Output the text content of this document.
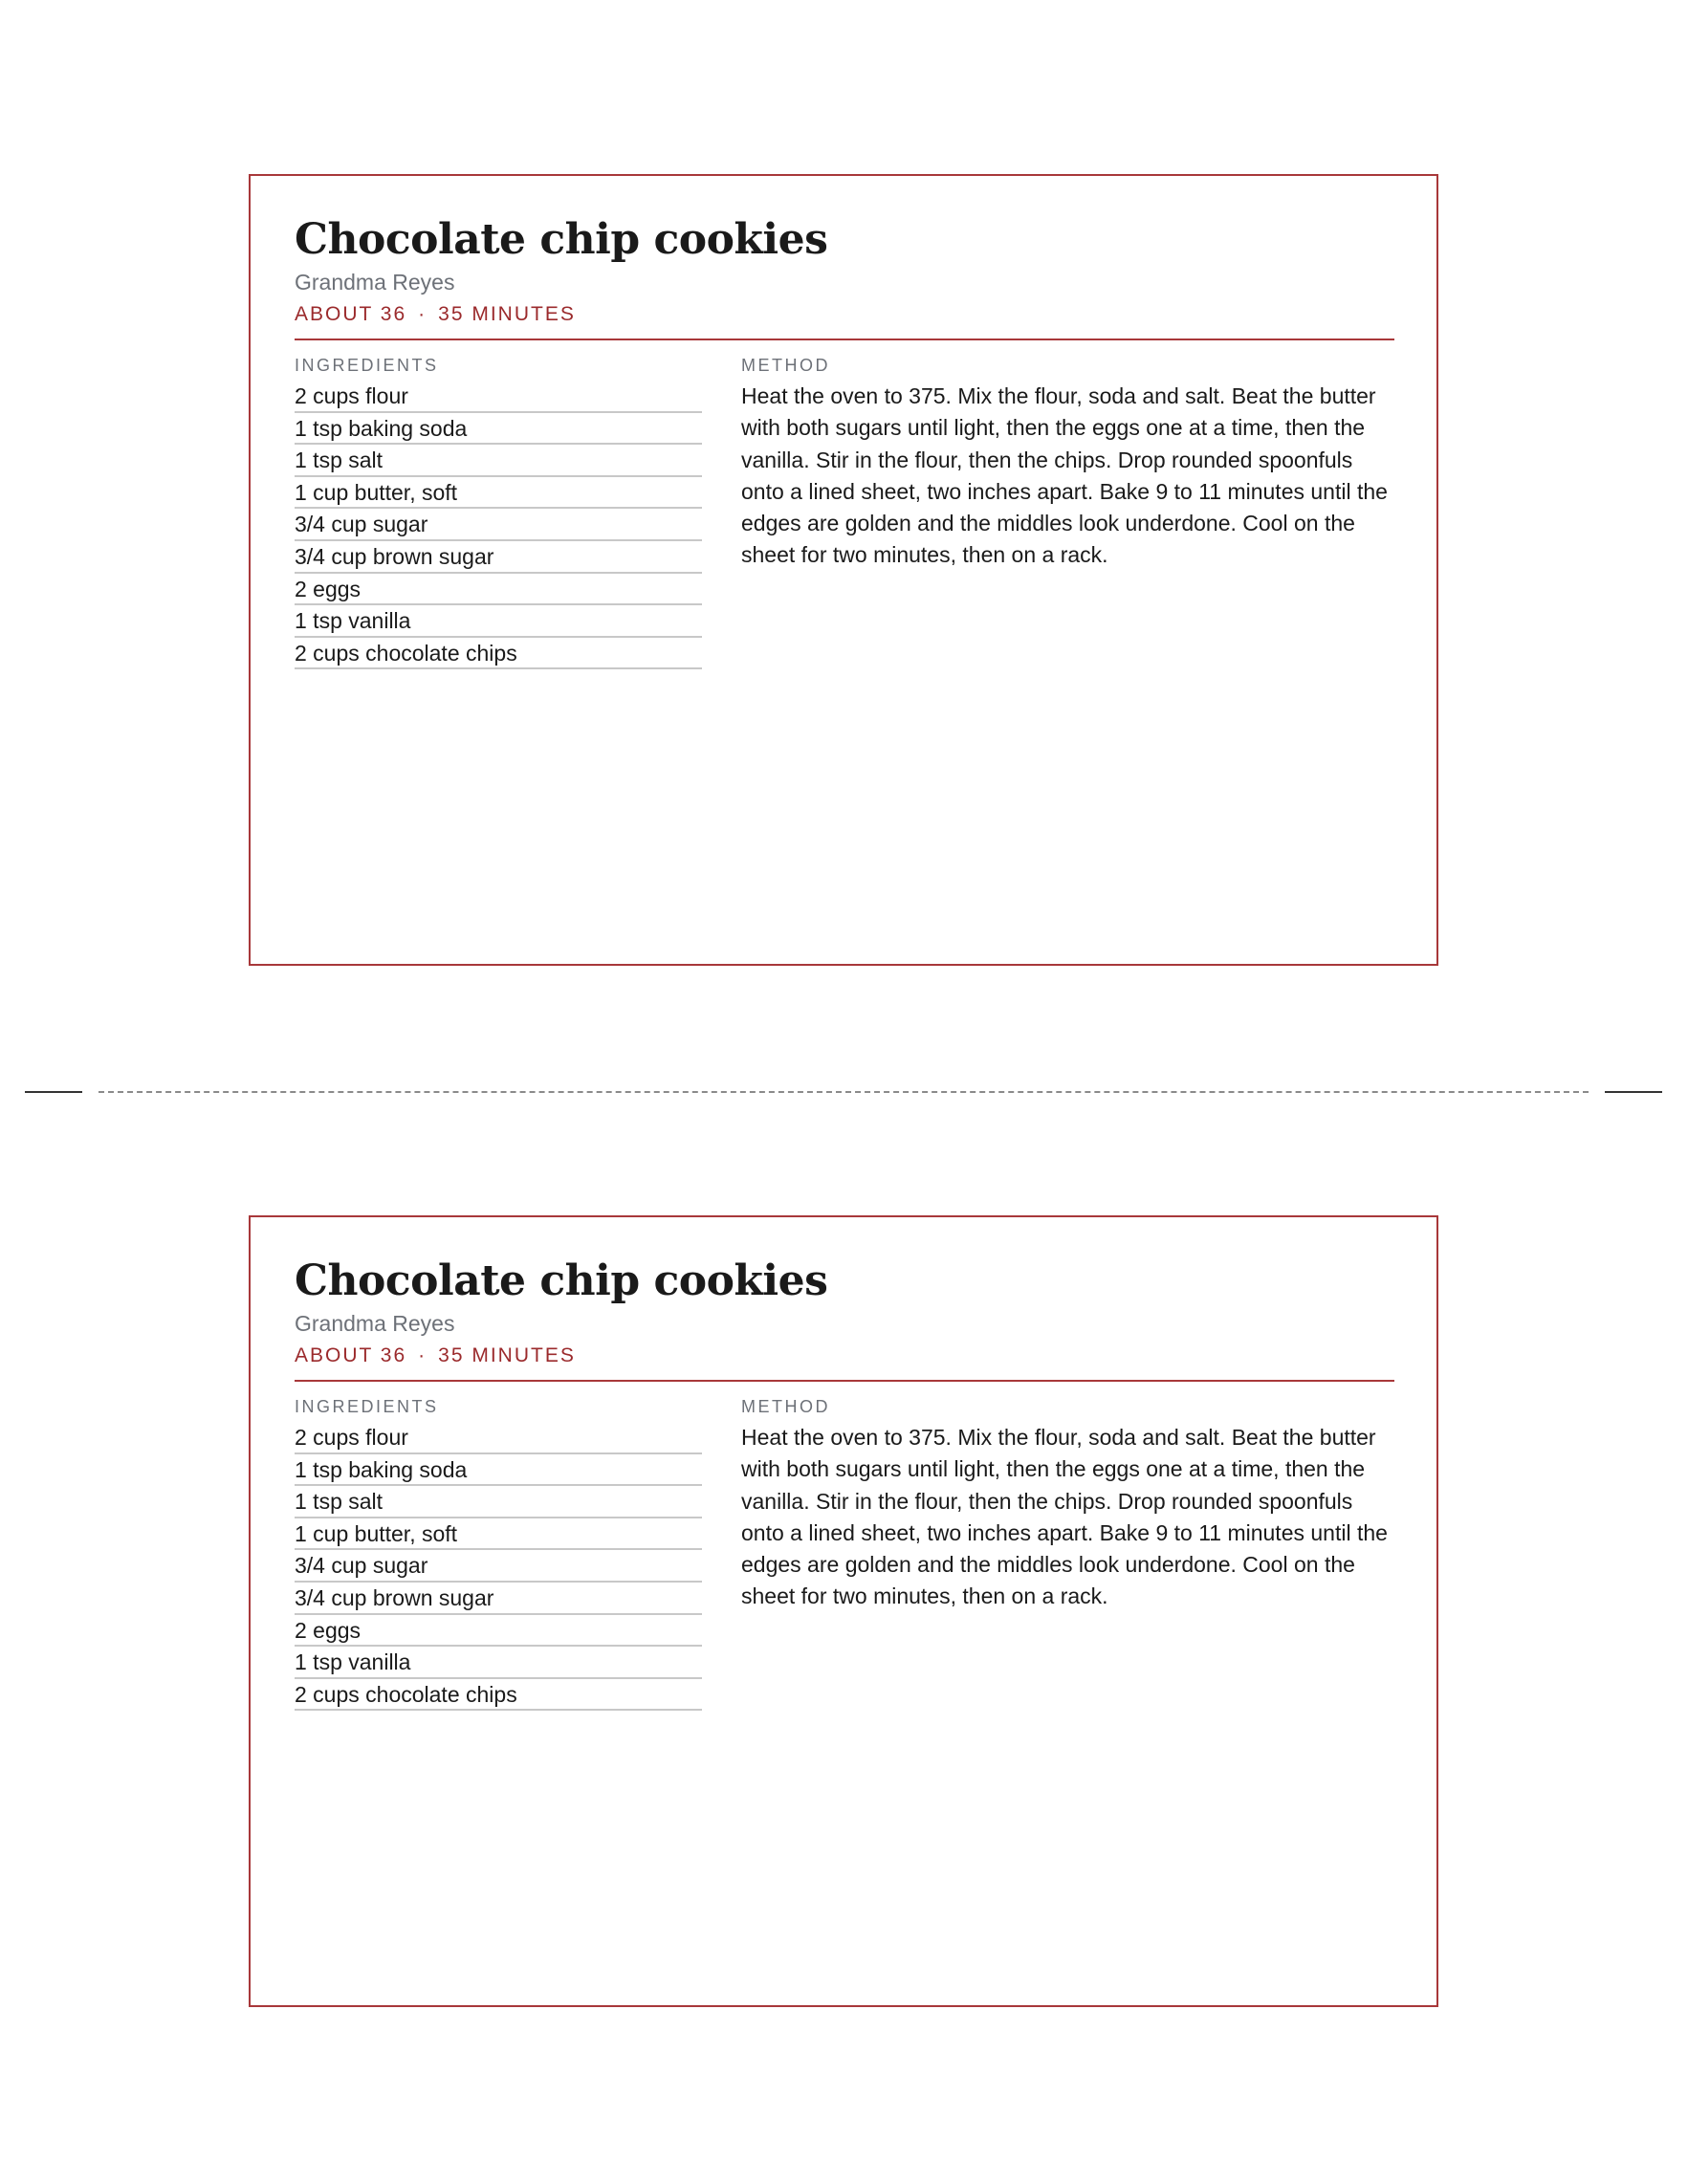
Chocolate chip cookies
Grandma Reyes
ABOUT 36 · 35 MINUTES
INGREDIENTS
2 cups flour
1 tsp baking soda
1 tsp salt
1 cup butter, soft
3/4 cup sugar
3/4 cup brown sugar
2 eggs
1 tsp vanilla
2 cups chocolate chips
METHOD

Heat the oven to 375. Mix the flour, soda and salt. Beat the butter with both sugars until light, then the eggs one at a time, then the vanilla. Stir in the flour, then the chips. Drop rounded spoonfuls onto a lined sheet, two inches apart. Bake 9 to 11 minutes until the edges are golden and the middles look underdone. Cool on the sheet for two minutes, then on a rack.

Chocolate chip cookies
Grandma Reyes
ABOUT 36 · 35 MINUTES
INGREDIENTS
2 cups flour
1 tsp baking soda
1 tsp salt
1 cup butter, soft
3/4 cup sugar
3/4 cup brown sugar
2 eggs
1 tsp vanilla
2 cups chocolate chips
METHOD

Heat the oven to 375. Mix the flour, soda and salt. Beat the butter with both sugars until light, then the eggs one at a time, then the vanilla. Stir in the flour, then the chips. Drop rounded spoonfuls onto a lined sheet, two inches apart. Bake 9 to 11 minutes until the edges are golden and the middles look underdone. Cool on the sheet for two minutes, then on a rack.
